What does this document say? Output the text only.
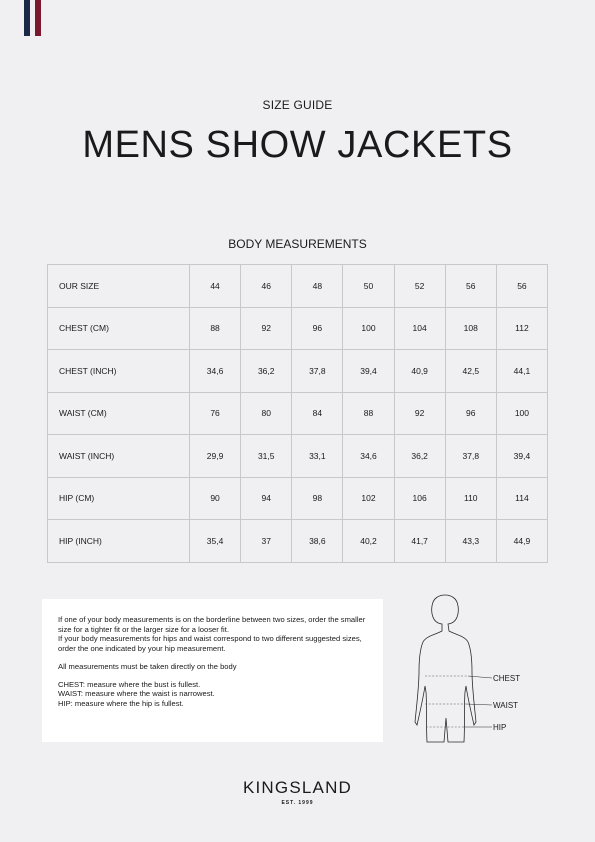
SIZE GUIDE
MENS SHOW JACKETS
BODY MEASUREMENTS
OUR SIZE	44	46	48	50	52	56	56
CHEST (CM)	88	92	96	100	104	108	112
CHEST (INCH)	34,6	36,2	37,8	39,4	40,9	42,5	44,1
WAIST (CM)	76	80	84	88	92	96	100
WAIST (INCH)	29,9	31,5	33,1	34,6	36,2	37,8	39,4
HIP (CM)	90	94	98	102	106	110	114
HIP (INCH)	35,4	37	38,6	40,2	41,7	43,3	44,9

If one of your body measurements is on the borderline between two sizes, order the smaller size for a tighter fit or the larger size for a looser fit.

If your body measurements for hips and waist correspond to two different suggested sizes, order the one indicated by your hip measurement.

All measurements must be taken directly on the body

CHEST: measure where the bust is fullest.
WAIST: measure where the waist is narrowest.
HIP: measure where the hip is fullest.
CHEST
WAIST
HIP
KINGSLAND
EST. 1999
